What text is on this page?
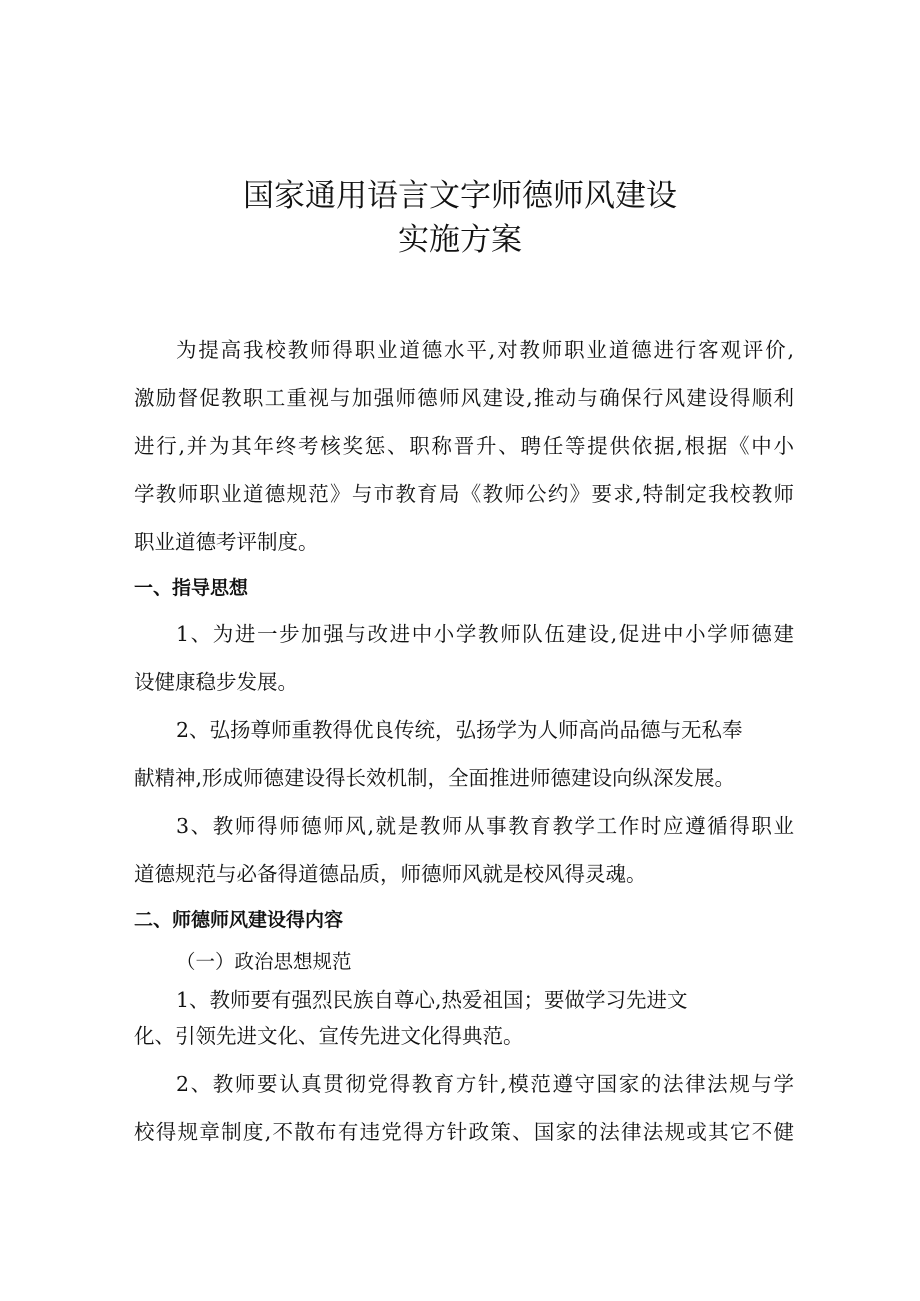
国家通用语言文字师德师风建设
实施方案
为提高我校教师得职业道德水平,对教师职业道德进行客观评价,
激励督促教职工重视与加强师德师风建设,推动与确保行风建设得顺利
进行,并为其年终考核奖惩、职称晋升、聘任等提供依据,根据《中小
学教师职业道德规范》与市教育局《教师公约》要求,特制定我校教师
职业道德考评制度。
一、指导思想
1、为进一步加强与改进中小学教师队伍建设,促进中小学师德建
设健康稳步发展。
2、弘扬尊师重教得优良传统，弘扬学为人师高尚品德与无私奉
献精神,形成师德建设得长效机制，全面推进师德建设向纵深发展。
3、教师得师德师风,就是教师从事教育教学工作时应遵循得职业
道德规范与必备得道德品质，师德师风就是校风得灵魂。
二、师德师风建设得内容
（一）政治思想规范
1、教师要有强烈民族自尊心,热爱祖国；要做学习先进文
化、引领先进文化、宣传先进文化得典范。
2、教师要认真贯彻党得教育方针,模范遵守国家的法律法规与学
校得规章制度,不散布有违党得方针政策、国家的法律法规或其它不健
